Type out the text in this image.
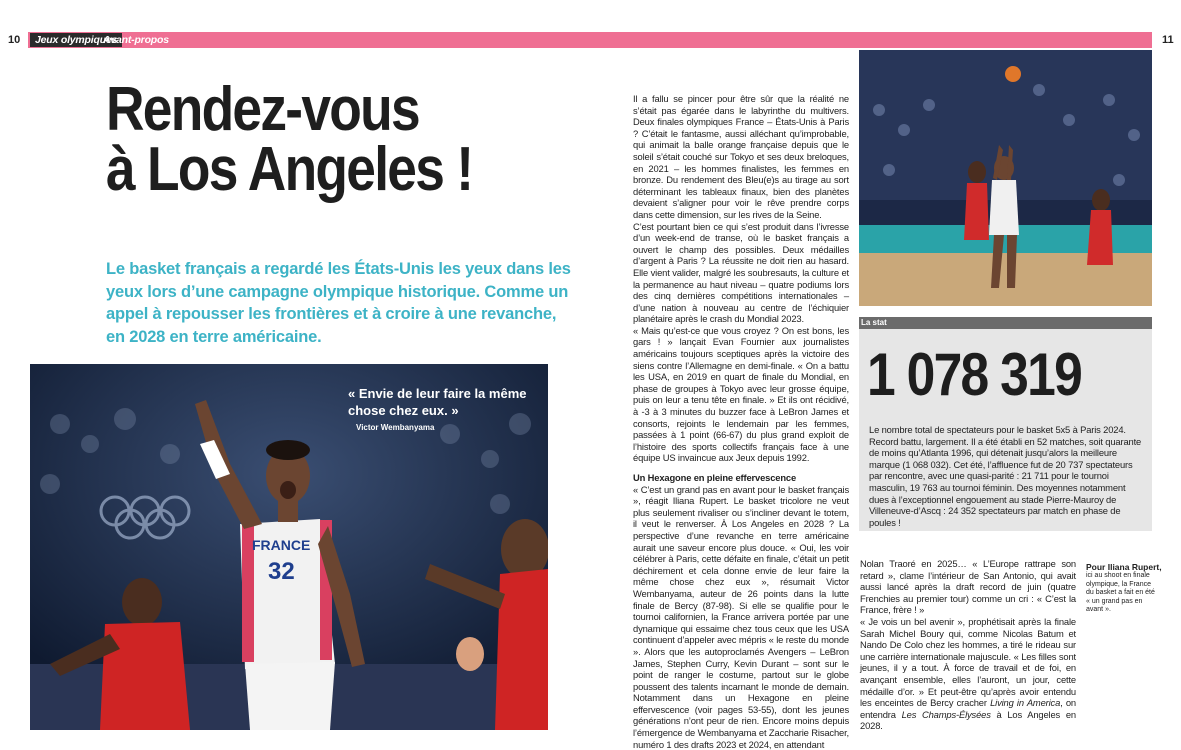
10	11
Jeux olympiques
Avant-propos
Rendez-vous
à Los Angeles !
Le basket français a regardé les États-Unis les yeux dans les yeux lors d’une campagne olympique historique. Comme un appel à repousser les frontières et à croire à une revanche, en 2028 en terre américaine.
FRANCE
32
« Envie de leur faire la même chose chez eux. »
Victor Wembanyama

Il a fallu se pincer pour être sûr que la réalité ne s’était pas égarée dans le labyrinthe du multivers. Deux finales olympiques France – États-Unis à Paris ? C’était le fantasme, aussi alléchant qu’improbable, qui animait la balle orange française depuis que le soleil s’était couché sur Tokyo et ses deux breloques, en 2021 – les hommes finalistes, les femmes en bronze. Du rendement des Bleu(e)s au tirage au sort déterminant les tableaux finaux, bien des planètes devaient s’aligner pour voir le rêve prendre corps dans cette dimension, sur les rives de la Seine.

C’est pourtant bien ce qui s’est produit dans l’ivresse d’un week-end de transe, où le basket français a ouvert le champ des possibles. Deux médailles d’argent à Paris ? La réussite ne doit rien au hasard. Elle vient valider, malgré les soubresauts, la culture et la permanence au haut niveau – quatre podiums lors des cinq dernières compétitions internationales – d’une nation à nouveau au centre de l’échiquier planétaire après le crash du Mondial 2023.

« Mais qu’est-ce que vous croyez ? On est bons, les gars ! » lançait Evan Fournier aux journalistes américains toujours sceptiques après la victoire des siens contre l’Allemagne en demi-finale. « On a battu les USA, en 2019 en quart de finale du Mondial, en phase de groupes à Tokyo avec leur grosse équipe, puis on leur a tenu tête en finale. » Et ils ont récidivé, à -3 à 3 minutes du buzzer face à LeBron James et consorts, rejoints le lendemain par les femmes, passées à 1 point (66-67) du plus grand exploit de l’histoire des sports collectifs français face à une équipe US invaincue aux Jeux depuis 1992.

Un Hexagone en pleine effervescence

« C’est un grand pas en avant pour le basket français », réagit Iliana Rupert. Le basket tricolore ne veut plus seulement rivaliser ou s’incliner devant le totem, il veut le renverser. À Los Angeles en 2028 ? La perspective d’une revanche en terre américaine aurait une saveur encore plus douce. « Oui, les voir célébrer à Paris, cette défaite en finale, c’était un petit déchirement et cela donne envie de leur faire la même chose chez eux », résumait Victor Wembanyama, auteur de 26 points dans la lutte finale de Bercy (87-98). Si elle se qualifie pour le tournoi californien, la France arrivera portée par une dynamique qui essaime chez tous ceux que les USA continuent d’appeler avec mépris « le reste du monde ». Alors que les autoproclamés Avengers – LeBron James, Stephen Curry, Kevin Durant – sont sur le point de ranger le costume, partout sur le globe poussent des talents incarnant le monde de demain. Notamment dans un Hexagone en pleine effervescence (voir pages 53-55), dont les jeunes générations n’ont peur de rien. Encore moins depuis l’émergence de Wembanyama et Zaccharie Risacher, numéro 1 des drafts 2023 et 2024, en attendant

Nolan Traoré en 2025… « L’Europe rattrape son retard », clame l’intérieur de San Antonio, qui avait aussi lancé après la draft record de juin (quatre Frenchies au premier tour) comme un cri : « C’est la France, frère ! »

« Je vois un bel avenir », prophétisait après la finale Sarah Michel Boury qui, comme Nicolas Batum et Nando De Colo chez les hommes, a tiré le rideau sur une carrière internationale majuscule. « Les filles sont jeunes, il y a tout. À force de travail et de foi, en avançant ensemble, elles l’auront, un jour, cette médaille d’or. » Et peut-être qu’après avoir entendu les enceintes de Bercy cracher Living in America, on entendra Les Champs-Élysées à Los Angeles en 2028.

La stat
1 078 319
Le nombre total de spectateurs pour le basket 5x5 à Paris 2024. Record battu, largement. Il a été établi en 52 matches, soit quarante de moins qu’Atlanta 1996, qui détenait jusqu’alors la meilleure marque (1 068 032). Cet été, l’affluence fut de 20 737 spectateurs par rencontre, avec une quasi-parité : 21 711 pour le tournoi masculin, 19 763 au tournoi féminin. Des moyennes notamment dues à l’exceptionnel engouement au stade Pierre-Mauroy de Villeneuve-d’Ascq : 24 352 spectateurs par match en phase de poules !
Pour Iliana Rupert,
ici au shoot en finale olympique, la France du basket a fait en été « un grand pas en avant ».
